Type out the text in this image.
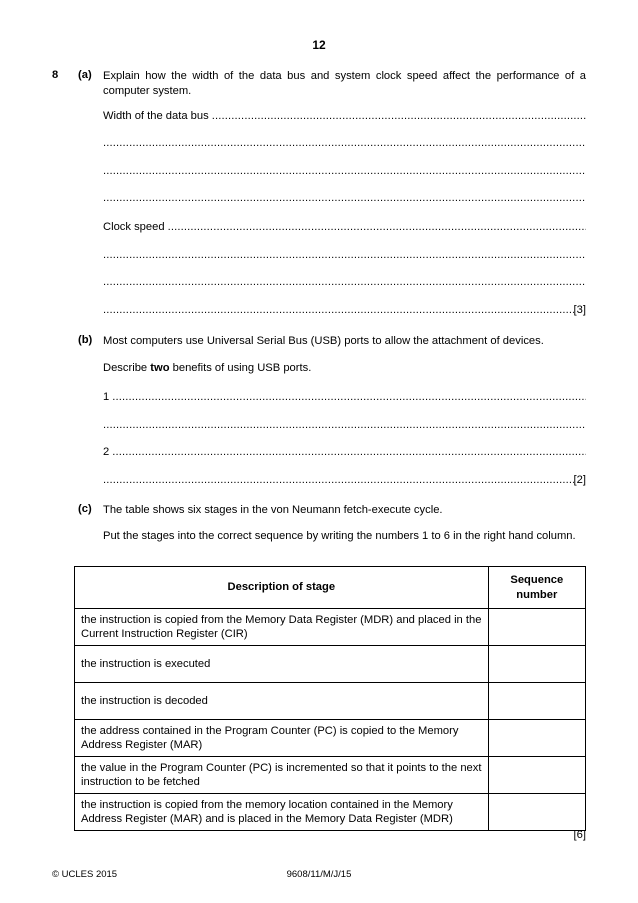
12
8 (a) Explain how the width of the data bus and system clock speed affect the performance of a computer system.
Width of the data bus
.....
.....
.....
.....
Clock speed
.....
.....
.....
.....
[3]
(b) Most computers use Universal Serial Bus (USB) ports to allow the attachment of devices.
Describe two benefits of using USB ports.
1
.....
.....
2
.....
.....
[2]
(c) The table shows six stages in the von Neumann fetch-execute cycle.
Put the stages into the correct sequence by writing the numbers 1 to 6 in the right hand column.
Description of stage	Sequence number
the instruction is copied from the Memory Data Register (MDR) and placed in the Current Instruction Register (CIR)	
the instruction is executed	
the instruction is decoded	
the address contained in the Program Counter (PC) is copied to the Memory Address Register (MAR)	
the value in the Program Counter (PC) is incremented so that it points to the next instruction to be fetched	
the instruction is copied from the memory location contained in the Memory Address Register (MAR) and is placed in the Memory Data Register (MDR)	
[6]
© UCLES 2015	9608/11/M/J/15
